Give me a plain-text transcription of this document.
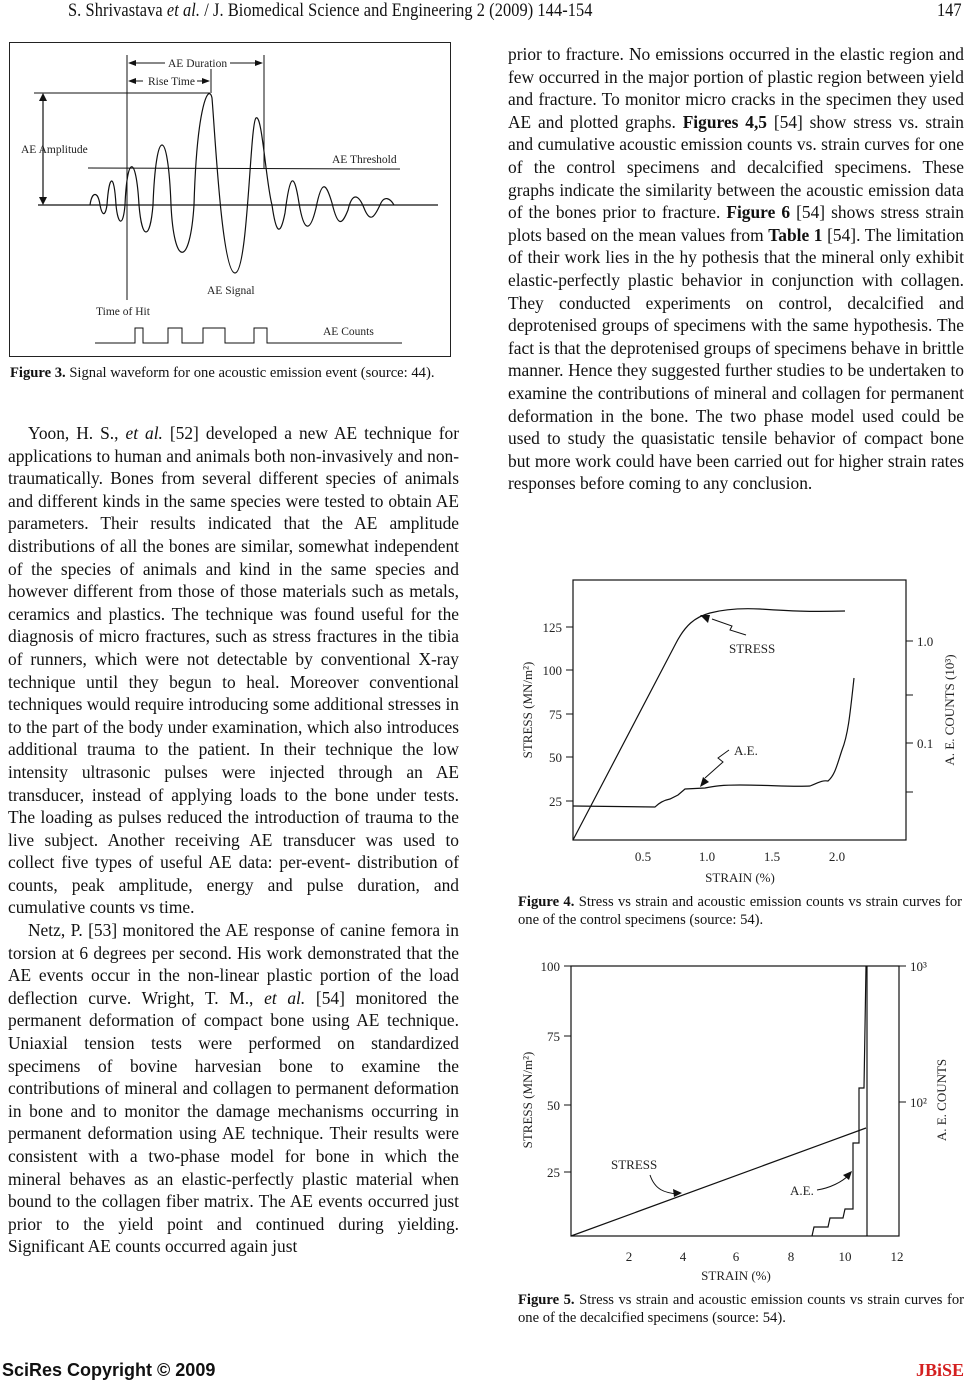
S. Shrivastava et al. / J. Biomedical Science and Engineering 2 (2009) 144-154	147
AE Duration
Rise Time
AE Amplitude
AE Threshold
AE Signal
Time of Hit
AE Counts
Figure 3. Signal waveform for one acoustic emission event (source: 44).

Yoon, H. S., et al. [52] developed a new AE technique for applications to human and animals both non-invasively and non-traumatically. Bones from several different species of animals and different kinds in the same species were tested to obtain AE parameters. Their results indicated that the AE amplitude distributions of all the bones are similar, somewhat independent of the species of animals and kind in the same species and however different from those of those materials such as metals, ceramics and plastics. The technique was found useful for the diagnosis of micro fractures, such as stress fractures in the tibia of runners, which were not detectable by conventional X-ray technique until they begun to heal. Moreover conventional techniques would require introducing some additional stresses in to the part of the body under examination, which also introduces additional trauma to the patient. In their technique the low intensity ultrasonic pulses were injected through an AE transducer, instead of applying loads to the bone under tests. The loading as pulses reduced the introduction of trauma to the live subject. Another receiving AE transducer was used to collect five types of useful AE data: per-event- distribution of counts, peak amplitude, energy and pulse duration, and cumulative counts vs time.

Netz, P. [53] monitored the AE response of canine femora in torsion at 6 degrees per second. His work demonstrated that the AE events occur in the non-linear plastic portion of the load deflection curve. Wright, T. M., et al. [54] monitored the permanent deformation of compact bone using AE technique. Uniaxial tension tests were performed on standardized specimens of bovine harvesian bone to examine the contributions of mineral and collagen to permanent deformation in bone and to monitor the damage mechanisms occurring in permanent deformation using AE technique. Their results were consistent with a two-phase model for bone in which the mineral behaves as an elastic-perfectly plastic material when bound to the collagen fiber matrix. The AE events occurred just prior to the yield point and continued during yielding. Significant AE counts occurred again just

prior to fracture. No emissions occurred in the elastic region and few occurred in the major portion of plastic region between yield and fracture. To monitor micro cracks in the specimen they used AE and plotted graphs. Figures 4,5 [54] show stress vs. strain and cumulative acoustic emission counts vs. strain curves for one of the control specimens and decalcified specimens. These graphs indicate the similarity between the acoustic emission data of the bones prior to fracture. Figure 6 [54] shows stress strain plots based on the mean values from Table 1 [54]. The limitation of their work lies in the hy pothesis that the mineral only exhibit elastic-perfectly plastic behavior in conjunction with collagen. They conducted experiments on control, decalcified and deprotenised groups of specimens with the same hypothesis. The fact is that the deprotenised groups of specimens behave in brittle manner. Hence they suggested further studies to be undertaken to examine the contributions of mineral and collagen for permanent deformation in the bone. The two phase model used could be used to study the quasistatic tensile behavior of compact bone but more work could have been carried out for higher strain rates responses before coming to any conclusion.

25
50
75
100
125
1.0
0.1
0.5	1.0	1.5	2.0
STRAIN (%)
STRESS (MN/m²)	A. E. COUNTS (10³)
STRESS
A.E.
Figure 4. Stress vs strain and acoustic emission counts vs strain curves for one of the control specimens (source: 54).
100
75
50
25
10³
10²
2	4	6	8	10	12
STRAIN (%)
STRESS (MN/m²)	A. E. COUNTS
STRESS
A.E.
Figure 5. Stress vs strain and acoustic emission counts vs strain curves for one of the decalcified specimens (source: 54).
SciRes Copyright © 2009	JBiSE
